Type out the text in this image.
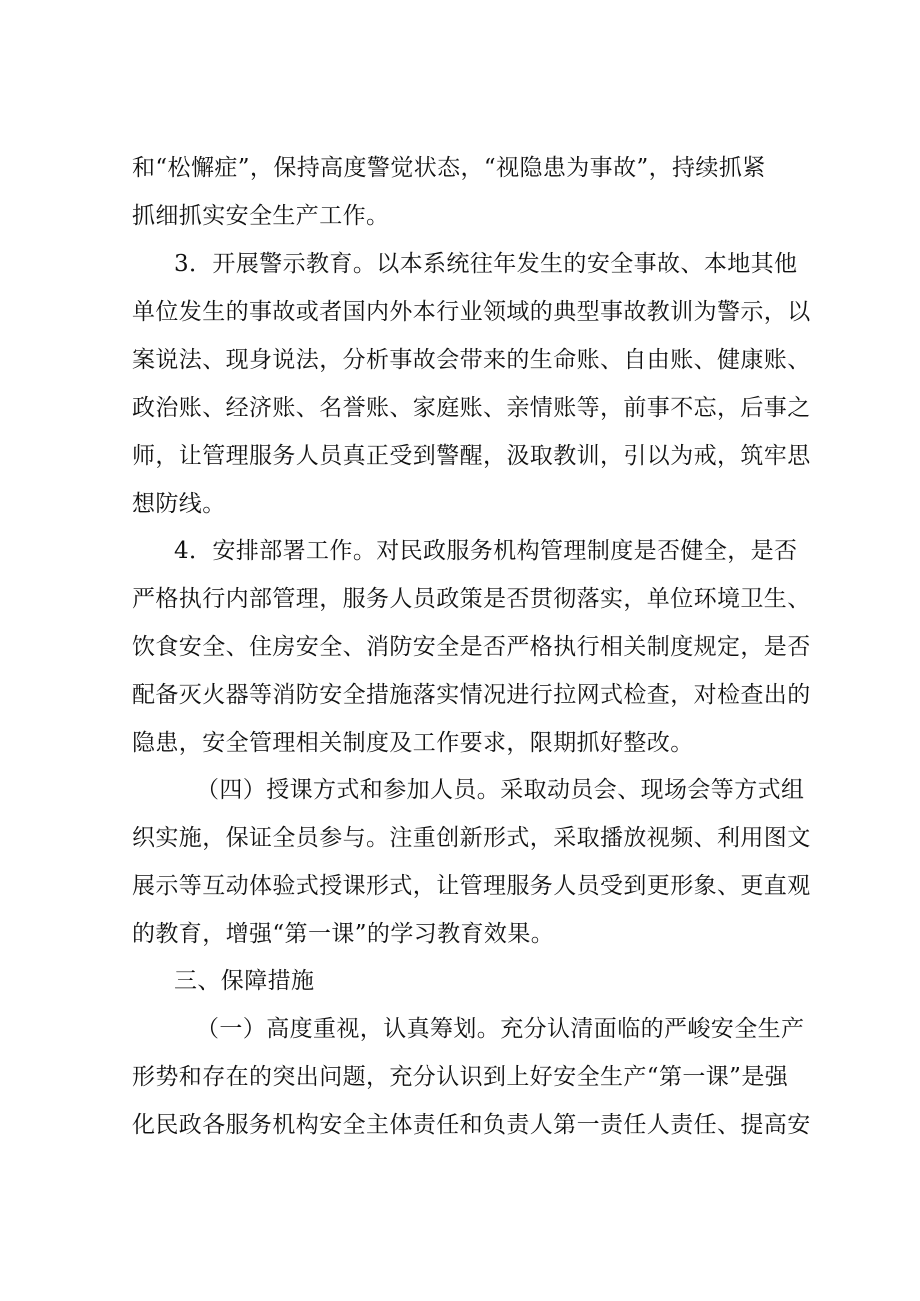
和“松懈症”，保持高度警觉状态，“视隐患为事故”，持续抓紧
抓细抓实安全生产工作。
3．开展警示教育。以本系统往年发生的安全事故、本地其他
单位发生的事故或者国内外本行业领域的典型事故教训为警示，以
案说法、现身说法，分析事故会带来的生命账、自由账、健康账、
政治账、经济账、名誉账、家庭账、亲情账等，前事不忘，后事之
师，让管理服务人员真正受到警醒，汲取教训，引以为戒，筑牢思
想防线。
4．安排部署工作。对民政服务机构管理制度是否健全，是否
严格执行内部管理，服务人员政策是否贯彻落实，单位环境卫生、
饮食安全、住房安全、消防安全是否严格执行相关制度规定，是否
配备灭火器等消防安全措施落实情况进行拉网式检查，对检查出的
隐患，安全管理相关制度及工作要求，限期抓好整改。
（四）授课方式和参加人员。采取动员会、现场会等方式组
织实施，保证全员参与。注重创新形式，采取播放视频、利用图文
展示等互动体验式授课形式，让管理服务人员受到更形象、更直观
的教育，增强“第一课”的学习教育效果。
三、保障措施
（一）高度重视，认真筹划。充分认清面临的严峻安全生产
形势和存在的突出问题，充分认识到上好安全生产“第一课”是强
化民政各服务机构安全主体责任和负责人第一责任人责任、提高安
